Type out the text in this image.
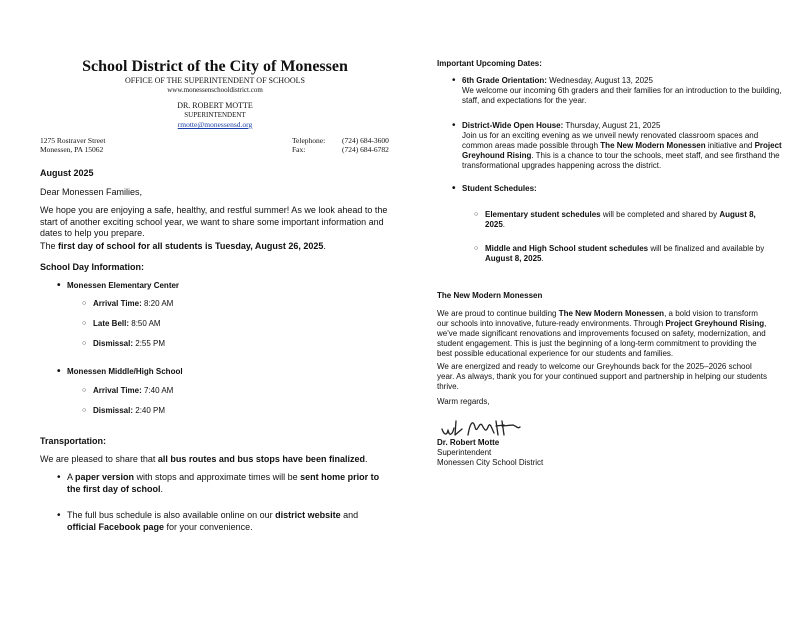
School District of the City of Monessen
OFFICE OF THE SUPERINTENDENT OF SCHOOLS
www.monessenschooldistrict.com
DR. ROBERT MOTTE
SUPERINTENDENT
rmotte@monessensd.org
1275 Rostraver Street
Monessen, PA 15062
Telephone:
Fax:
(724) 684-3600
(724) 684-6782
August 2025
Dear Monessen Families,
We hope you are enjoying a safe, healthy, and restful summer! As we look ahead to the start of another exciting school year, we want to share some important information and dates to help you prepare.
The first day of school for all students is Tuesday, August 26, 2025.
School Day Information:
• Monessen Elementary Center
○ Arrival Time: 8:20 AM
○ Late Bell: 8:50 AM
○ Dismissal: 2:55 PM
• Monessen Middle/High School
○ Arrival Time: 7:40 AM
○ Dismissal: 2:40 PM
Transportation:
We are pleased to share that all bus routes and bus stops have been finalized.
• A paper version with stops and approximate times will be sent home prior to the first day of school.
• The full bus schedule is also available online on our district website and official Facebook page for your convenience.
Important Upcoming Dates:
• 6th Grade Orientation: Wednesday, August 13, 2025
We welcome our incoming 6th graders and their families for an introduction to the building, staff, and expectations for the year.
• District-Wide Open House: Thursday, August 21, 2025
Join us for an exciting evening as we unveil newly renovated classroom spaces and common areas made possible through The New Modern Monessen initiative and Project Greyhound Rising. This is a chance to tour the schools, meet staff, and see firsthand the transformational upgrades happening across the district.
• Student Schedules:
○ Elementary student schedules will be completed and shared by August 8, 2025.
○ Middle and High School student schedules will be finalized and available by August 8, 2025.
The New Modern Monessen
We are proud to continue building The New Modern Monessen, a bold vision to transform our schools into innovative, future-ready environments. Through Project Greyhound Rising, we've made significant renovations and improvements focused on safety, modernization, and student engagement. This is just the beginning of a long-term commitment to providing the best possible educational experience for our students and families.
We are energized and ready to welcome our Greyhounds back for the 2025–2026 school year. As always, thank you for your continued support and partnership in helping our students thrive.
Warm regards,
Dr. Robert Motte
Superintendent
Monessen City School District
